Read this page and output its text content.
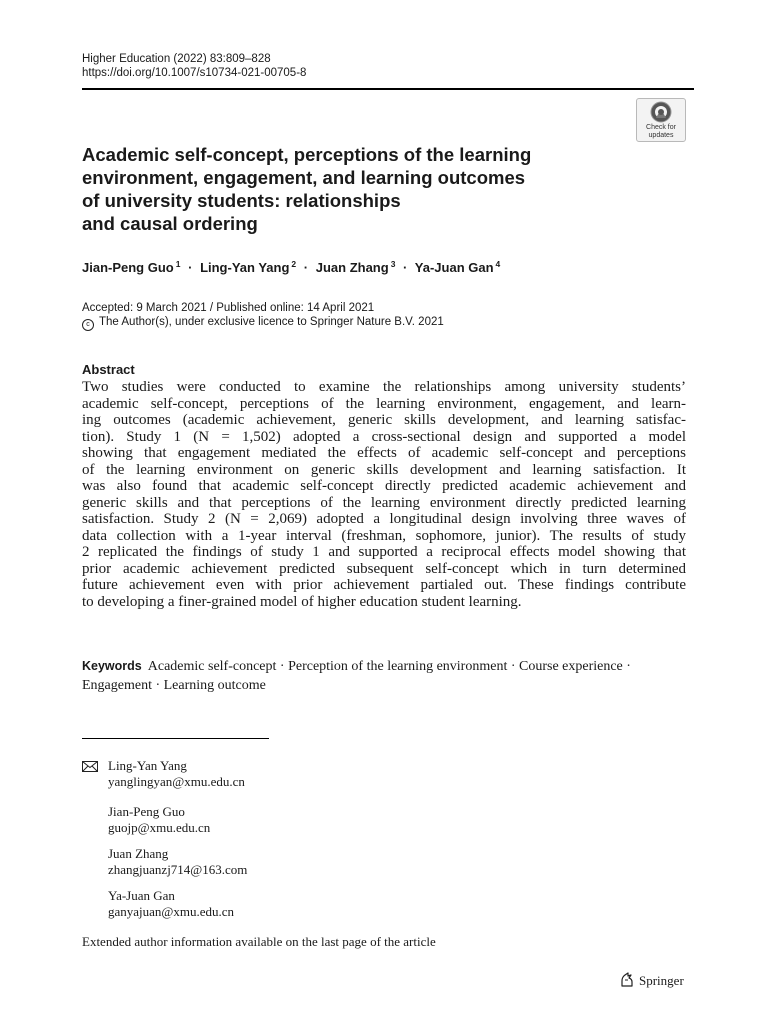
Higher Education (2022) 83:809–828
https://doi.org/10.1007/s10734-021-00705-8
Check for
updates
Academic self-concept, perceptions of the learning
environment, engagement, and learning outcomes
of university students: relationships
and causal ordering
Jian-Peng Guo $^1$ · Ling-Yan Yang $^2$ · Juan Zhang $^3$ · Ya-Juan Gan $^4$
Accepted: 9 March 2021 / Published online: 14 April 2021
c The Author(s), under exclusive licence to Springer Nature B.V. 2021
Abstract

Two studies were conducted to examine the relationships among university students’
academic self-concept, perceptions of the learning environment, engagement, and learn-
ing outcomes (academic achievement, generic skills development, and learning satisfac-
tion). Study 1 (N = 1,502) adopted a cross-sectional design and supported a model
showing that engagement mediated the effects of academic self-concept and perceptions
of the learning environment on generic skills development and learning satisfaction. It
was also found that academic self-concept directly predicted academic achievement and
generic skills and that perceptions of the learning environment directly predicted learning
satisfaction. Study 2 (N = 2,069) adopted a longitudinal design involving three waves of
data collection with a 1-year interval (freshman, sophomore, junior). The results of study
2 replicated the findings of study 1 and supported a reciprocal effects model showing that
prior academic achievement predicted subsequent self-concept which in turn determined
future achievement even with prior achievement partialed out. These findings contribute
to developing a finer-grained model of higher education student learning.

Keywords Academic self-concept · Perception of the learning environment · Course experience ·
Engagement · Learning outcome
Ling-Yan Yang
yanglingyan@xmu.edu.cn
Jian-Peng Guo
guojp@xmu.edu.cn
Juan Zhang
zhangjuanzj714@163.com
Ya-Juan Gan
ganyajuan@xmu.edu.cn
Extended author information available on the last page of the article
Springer
